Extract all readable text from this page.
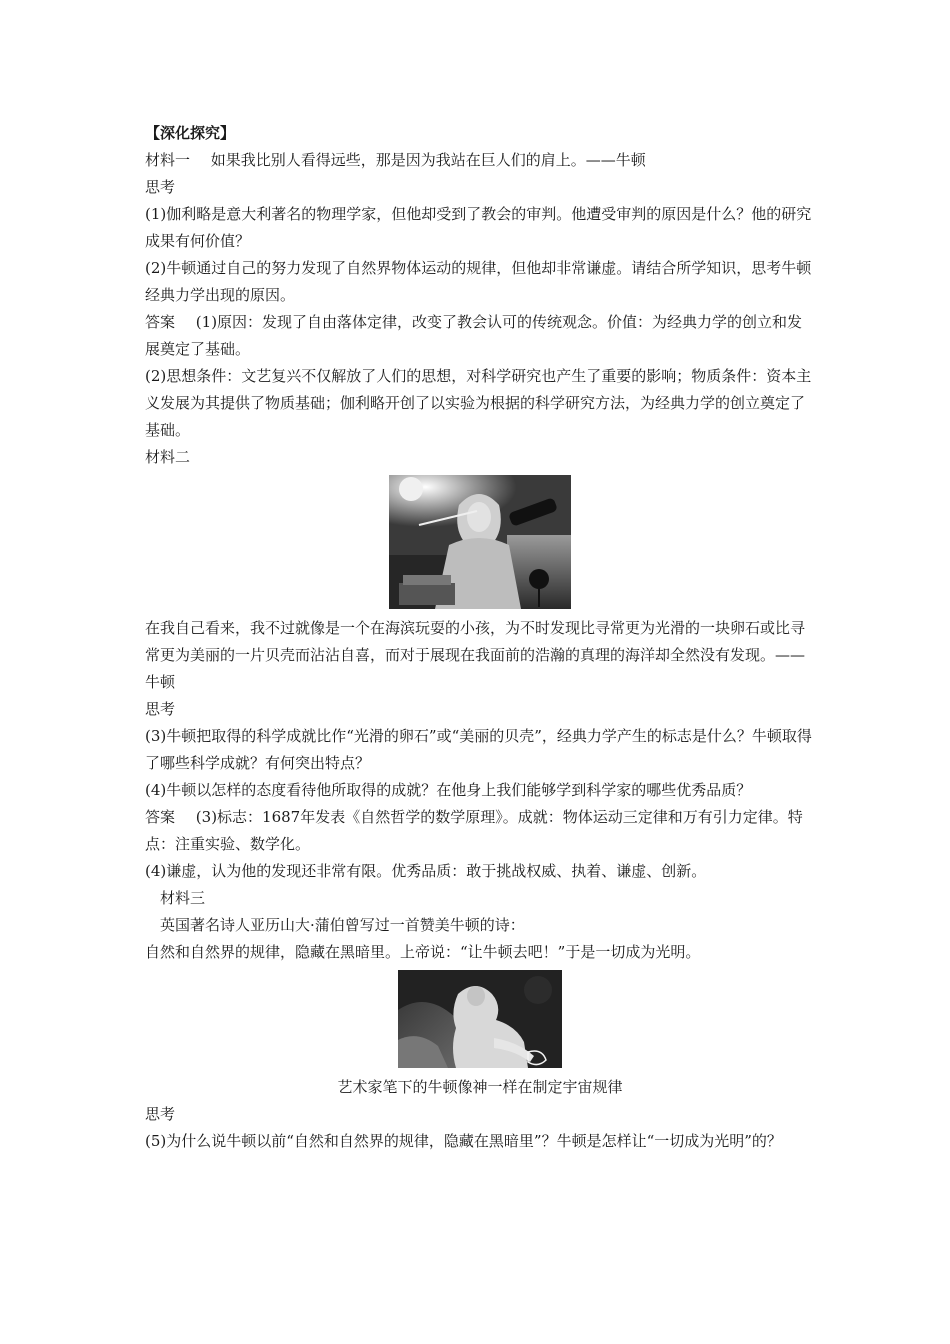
【深化探究】

材料一 如果我比别人看得远些，那是因为我站在巨人们的肩上。——牛顿

思考

(1)伽利略是意大利著名的物理学家，但他却受到了教会的审判。他遭受审判的原因是什么？他的研究成果有何价值？

(2)牛顿通过自己的努力发现了自然界物体运动的规律，但他却非常谦虚。请结合所学知识，思考牛顿经典力学出现的原因。

答案 (1)原因：发现了自由落体定律，改变了教会认可的传统观念。价值：为经典力学的创立和发展奠定了基础。

(2)思想条件：文艺复兴不仅解放了人们的思想，对科学研究也产生了重要的影响；物质条件：资本主义发展为其提供了物质基础；伽利略开创了以实验为根据的科学研究方法，为经典力学的创立奠定了基础。

材料二

在我自己看来，我不过就像是一个在海滨玩耍的小孩，为不时发现比寻常更为光滑的一块卵石或比寻常更为美丽的一片贝壳而沾沾自喜，而对于展现在我面前的浩瀚的真理的海洋却全然没有发现。——牛顿

思考

(3)牛顿把取得的科学成就比作“光滑的卵石”或“美丽的贝壳”，经典力学产生的标志是什么？牛顿取得了哪些科学成就？有何突出特点？

(4)牛顿以怎样的态度看待他所取得的成就？在他身上我们能够学到科学家的哪些优秀品质？

答案 (3)标志：1687年发表《自然哲学的数学原理》。成就：物体运动三定律和万有引力定律。特点：注重实验、数学化。

(4)谦虚，认为他的发现还非常有限。优秀品质：敢于挑战权威、执着、谦虚、创新。

材料三

英国著名诗人亚历山大·蒲伯曾写过一首赞美牛顿的诗：

自然和自然界的规律，隐藏在黑暗里。上帝说：“让牛顿去吧！”于是一切成为光明。

艺术家笔下的牛顿像神一样在制定宇宙规律

思考

(5)为什么说牛顿以前“自然和自然界的规律，隐藏在黑暗里”？牛顿是怎样让“一切成为光明”的？
